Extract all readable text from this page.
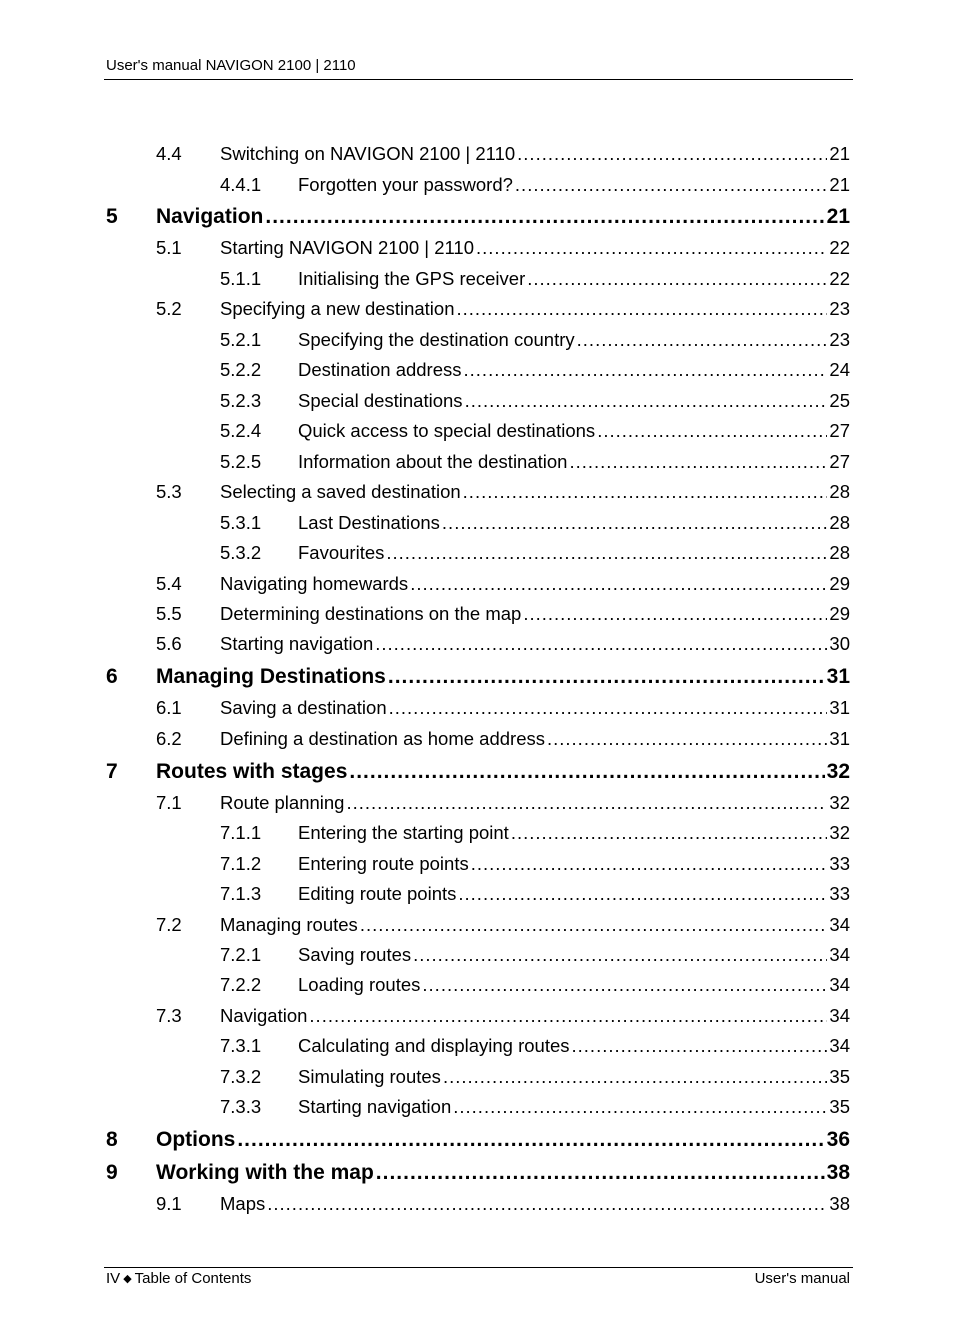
User's manual NAVIGON 2100 | 2110
4.4 Switching on NAVIGON 2100 | 2110 .....	21
4.4.1 Forgotten your password? .....	21
5 Navigation .....	21
5.1 Starting NAVIGON 2100 | 2110 .....	22
5.1.1 Initialising the GPS receiver .....	22
5.2 Specifying a new destination .....	23
5.2.1 Specifying the destination country .....	23
5.2.2 Destination address .....	24
5.2.3 Special destinations .....	25
5.2.4 Quick access to special destinations .....	27
5.2.5 Information about the destination .....	27
5.3 Selecting a saved destination .....	28
5.3.1 Last Destinations .....	28
5.3.2 Favourites .....	28
5.4 Navigating homewards .....	29
5.5 Determining destinations on the map .....	29
5.6 Starting navigation .....	30
6 Managing Destinations .....	31
6.1 Saving a destination .....	31
6.2 Defining a destination as home address .....	31
7 Routes with stages .....	32
7.1 Route planning .....	32
7.1.1 Entering the starting point .....	32
7.1.2 Entering route points .....	33
7.1.3 Editing route points .....	33
7.2 Managing routes .....	34
7.2.1 Saving routes .....	34
7.2.2 Loading routes .....	34
7.3 Navigation .....	34
7.3.1 Calculating and displaying routes .....	34
7.3.2 Simulating routes .....	35
7.3.3 Starting navigation .....	35
8 Options .....	36
9 Working with the map .....	38
9.1 Maps .....	38
IV ◆ Table of Contents	User's manual
